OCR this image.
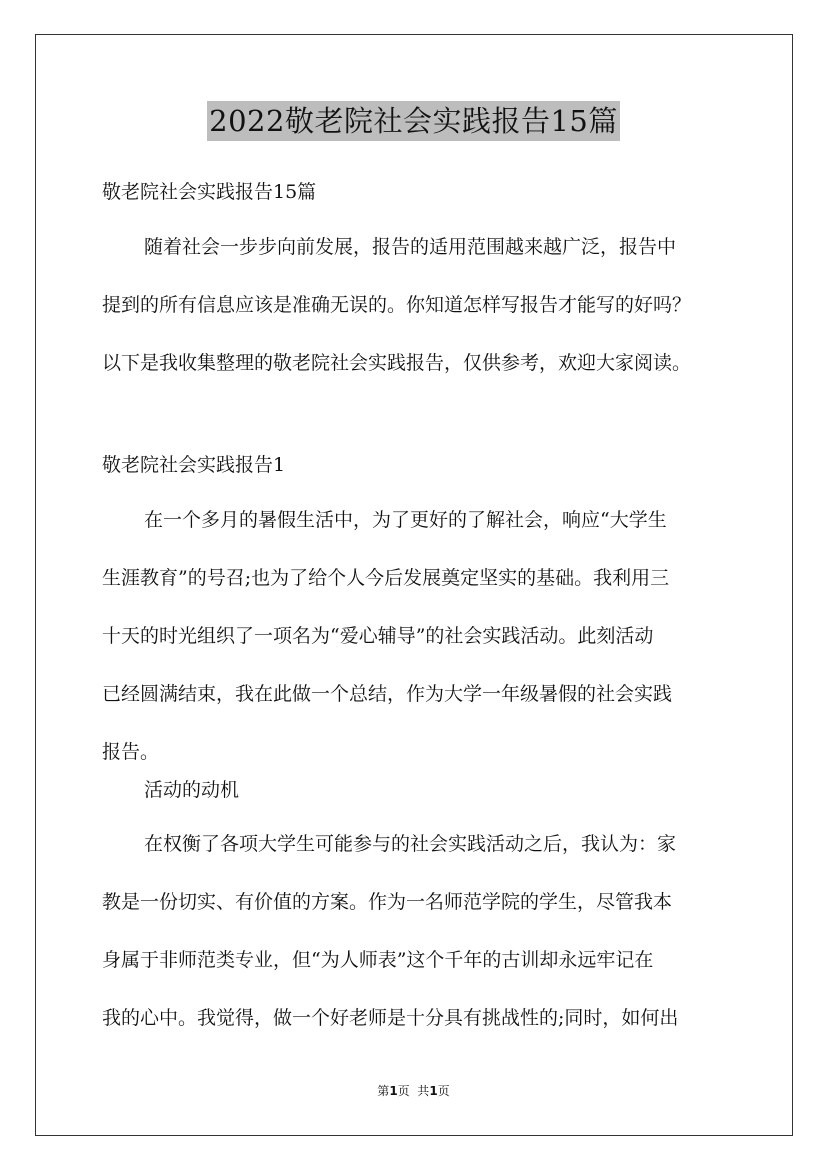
2022敬老院社会实践报告15篇
敬老院社会实践报告15篇
随着社会一步步向前发展，报告的适用范围越来越广泛，报告中
提到的所有信息应该是准确无误的。你知道怎样写报告才能写的好吗？
以下是我收集整理的敬老院社会实践报告，仅供参考，欢迎大家阅读。
敬老院社会实践报告1
在一个多月的暑假生活中，为了更好的了解社会，响应“大学生
生涯教育”的号召;也为了给个人今后发展奠定坚实的基础。我利用三
十天的时光组织了一项名为“爱心辅导”的社会实践活动。此刻活动
已经圆满结束，我在此做一个总结，作为大学一年级暑假的社会实践
报告。
活动的动机
在权衡了各项大学生可能参与的社会实践活动之后，我认为：家
教是一份切实、有价值的方案。作为一名师范学院的学生，尽管我本
身属于非师范类专业，但“为人师表”这个千年的古训却永远牢记在
我的心中。我觉得，做一个好老师是十分具有挑战性的;同时，如何出
第1页  共1页
